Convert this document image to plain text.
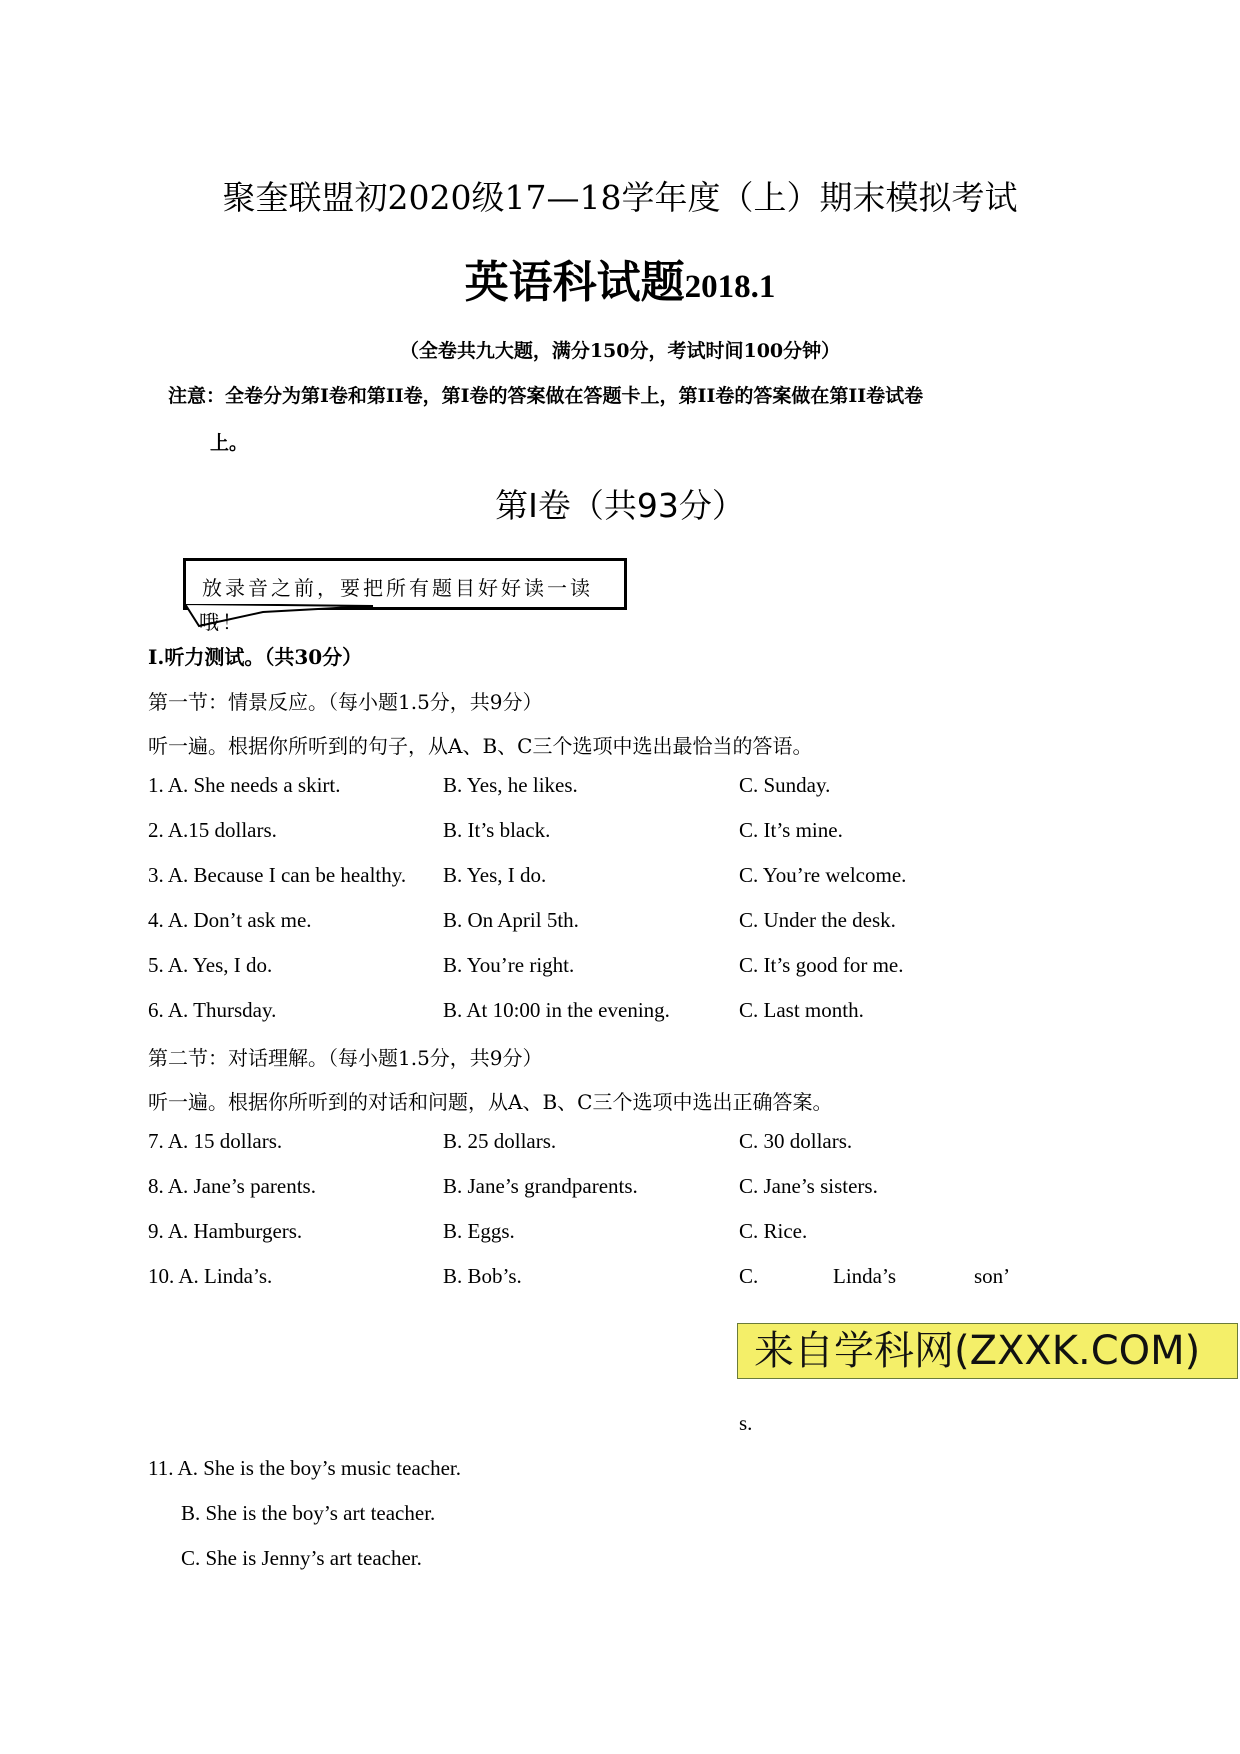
聚奎联盟初2020级17—18学年度（上）期末模拟考试
英语科试题2018.1
（全卷共九大题，满分150分，考试时间100分钟）
注意：全卷分为第Ⅰ卷和第II卷，第Ⅰ卷的答案做在答题卡上，第II卷的答案做在第II卷试卷
上。
第Ⅰ卷（共93分）
放录音之前，要把所有题目好好读一读
哦！
I.听力测试。（共30分）
第一节：情景反应。（每小题1.5分，共9分）
听一遍。根据你所听到的句子，从A、B、C三个选项中选出最恰当的答语。
1. A. She needs a skirt.	B. Yes, he likes.	C. Sunday.
2. A.15 dollars.	B. It’s black.	C. It’s mine.
3. A. Because I can be healthy. B. Yes, I do.	C. You’re welcome.
4. A. Don’t ask me.	B. On April 5th.	C. Under the desk.
5. A. Yes, I do.	B. You’re right.	C. It’s good for me.
6. A. Thursday.	B. At 10:00 in the evening.	C. Last month.
第二节：对话理解。（每小题1.5分，共9分）
听一遍。根据你所听到的对话和问题，从A、B、C三个选项中选出正确答案。
7. A. 15 dollars.	B. 25 dollars.	C. 30 dollars.
8. A. Jane’s parents.	B. Jane’s grandparents.	C. Jane’s sisters.
9. A. Hamburgers.	B. Eggs.	C. Rice.
10. A. Linda’s.	B. Bob’s.	C.	Linda’s	son’
来自学科网(ZXXK.COM)
s.
11. A. She is the boy’s music teacher.
B. She is the boy’s art teacher.
C. She is Jenny’s art teacher.
